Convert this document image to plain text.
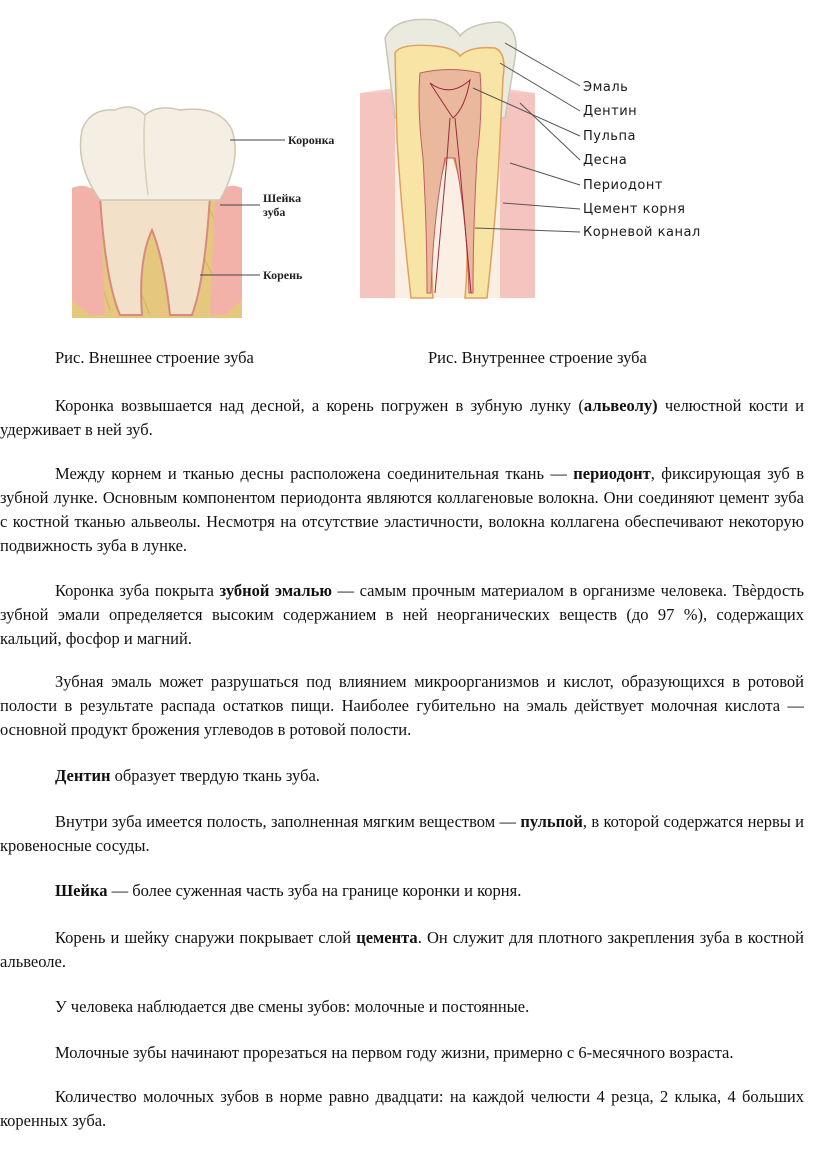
Коронка
Шейка
зуба
Корень
Эмаль
Дентин
Пульпа
Десна
Периодонт
Цемент корня
Корневой канал
Рис. Внешнее строение зуба	Рис. Внутреннее строение зуба

Коронка возвышается над десной, а корень погружен в зубную лунку (альвеолу) челюстной кости и удерживает в ней зуб.

Между корнем и тканью десны расположена соединительная ткань — периодонт, фиксирующая зуб в зубной лунке. Основным компонентом периодонта являются коллагеновые волокна. Они соединяют цемент зуба с костной тканью альвеолы. Несмотря на отсутствие эластичности, волокна коллагена обеспечивают некоторую подвижность зуба в лунке.

Коронка зуба покрыта зубной эмалью — самым прочным материалом в организме человека. Твѐрдость зубной эмали определяется высоким содержанием в ней неорганических веществ (до 97 %), содержащих кальций, фосфор и магний.

Зубная эмаль может разрушаться под влиянием микроорганизмов и кислот, образующихся в ротовой полости в результате распада остатков пищи. Наиболее губительно на эмаль действует молочная кислота — основной продукт брожения углеводов в ротовой полости.

Дентин образует твердую ткань зуба.

Внутри зуба имеется полость, заполненная мягким веществом — пульпой, в которой содержатся нервы и кровеносные сосуды.

Шейка — более суженная часть зуба на границе коронки и корня.

Корень и шейку снаружи покрывает слой цемента. Он служит для плотного закрепления зуба в костной альвеоле.

У человека наблюдается две смены зубов: молочные и постоянные.

Молочные зубы начинают прорезаться на первом году жизни, примерно с 6-месячного возраста.

Количество молочных зубов в норме равно двадцати: на каждой челюсти 4 резца, 2 клыка, 4 больших коренных зуба.
